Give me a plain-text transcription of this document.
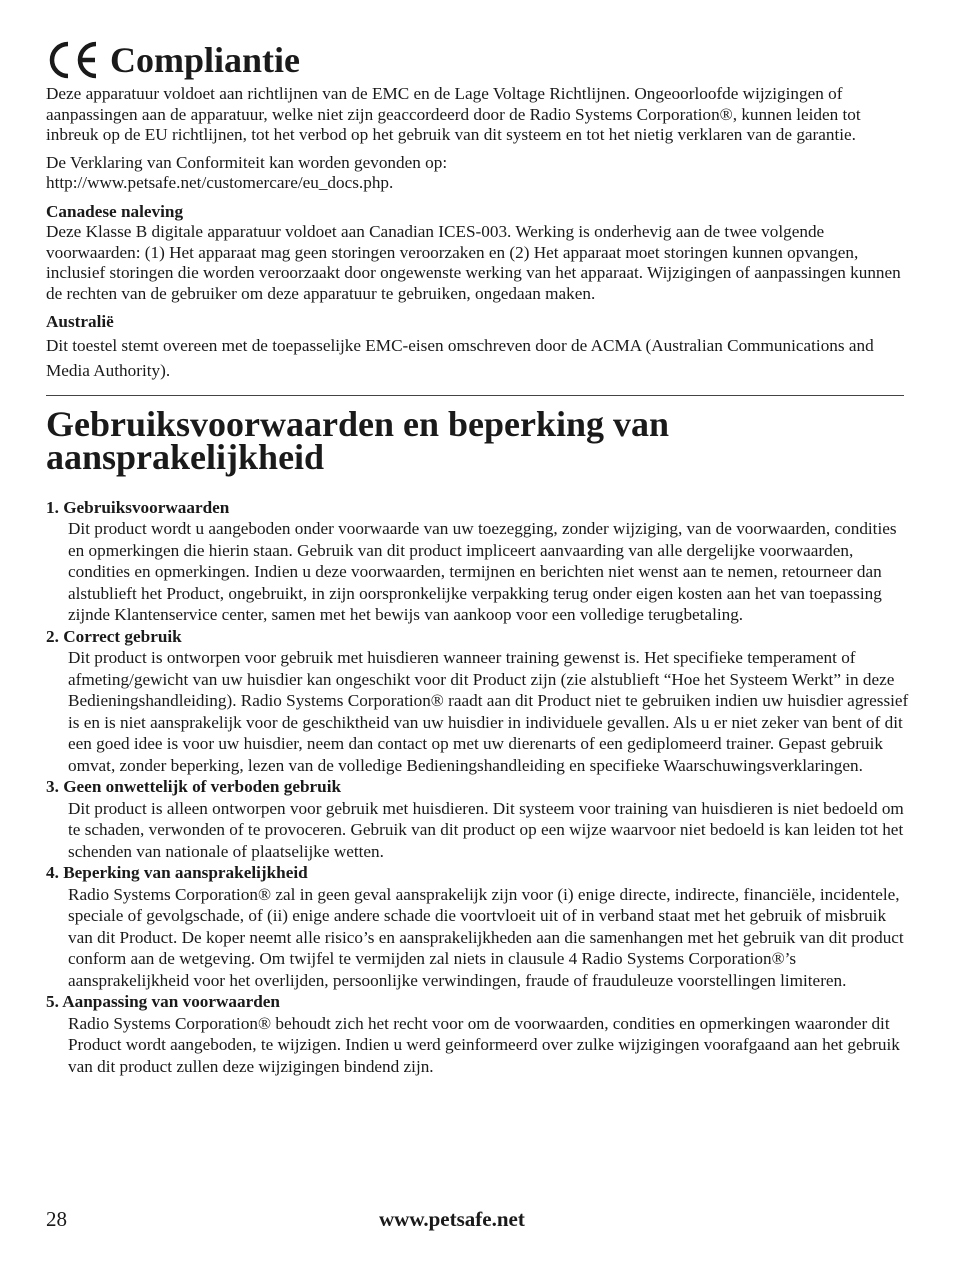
Compliantie

Deze apparatuur voldoet aan richtlijnen van de EMC en de Lage Voltage Richtlijnen. Ongeoorloofde wijzigingen of aanpassingen aan de apparatuur, welke niet zijn geaccordeerd door de Radio Systems Corporation®, kunnen leiden tot inbreuk op de EU richtlijnen, tot het verbod op het gebruik van dit systeem en tot het nietig verklaren van de garantie.

De Verklaring van Conformiteit kan worden gevonden op:

http://www.petsafe.net/customercare/eu_docs.php.

Canadese naleving

Deze Klasse B digitale apparatuur voldoet aan Canadian ICES-003. Werking is onderhevig aan de twee volgende voorwaarden: (1) Het apparaat mag geen storingen veroorzaken en (2) Het apparaat moet storingen kunnen opvangen, inclusief storingen die worden veroorzaakt door ongewenste werking van het apparaat. Wijzigingen of aanpassingen kunnen de rechten van de gebruiker om deze apparatuur te gebruiken, ongedaan maken.

Australië

Dit toestel stemt overeen met de toepasselijke EMC-eisen omschreven door de ACMA (Australian Communications and Media Authority).

Gebruiksvoorwaarden en beperking van
aansprakelijkheid
1. Gebruiksvoorwaarden

Dit product wordt u aangeboden onder voorwaarde van uw toezegging, zonder wijziging, van de voorwaarden, condities en opmerkingen die hierin staan. Gebruik van dit product impliceert aanvaarding van alle dergelijke voorwaarden, condities en opmerkingen. Indien u deze voorwaarden, termijnen en berichten niet wenst aan te nemen, retourneer dan alstublieft het Product, ongebruikt, in zijn oorspronkelijke verpakking terug onder eigen kosten aan het van toepassing zijnde Klantenservice center, samen met het bewijs van aankoop voor een volledige terugbetaling.

2. Correct gebruik

Dit product is ontworpen voor gebruik met huisdieren wanneer training gewenst is. Het specifieke temperament of afmeting/gewicht van uw huisdier kan ongeschikt voor dit Product zijn (zie alstublieft “Hoe het Systeem Werkt” in deze Bedieningshandleiding). Radio Systems Corporation® raadt aan dit Product niet te gebruiken indien uw huisdier agressief is en is niet aansprakelijk voor de geschiktheid van uw huisdier in individuele gevallen. Als u er niet zeker van bent of dit een goed idee is voor uw huisdier, neem dan contact op met uw dierenarts of een gediplomeerd trainer. Gepast gebruik omvat, zonder beperking, lezen van de volledige Bedieningshandleiding en specifieke Waarschuwingsverklaringen.

3. Geen onwettelijk of verboden gebruik

Dit product is alleen ontworpen voor gebruik met huisdieren. Dit systeem voor training van huisdieren is niet bedoeld om te schaden, verwonden of te provoceren. Gebruik van dit product op een wijze waarvoor niet bedoeld is kan leiden tot het schenden van nationale of plaatselijke wetten.

4. Beperking van aansprakelijkheid

Radio Systems Corporation® zal in geen geval aansprakelijk zijn voor (i) enige directe, indirecte, financiële, incidentele, speciale of gevolgschade, of (ii) enige andere schade die voortvloeit uit of in verband staat met het gebruik of misbruik van dit Product. De koper neemt alle risico’s en aansprakelijkheden aan die samenhangen met het gebruik van dit product conform aan de wetgeving. Om twijfel te vermijden zal niets in clausule 4 Radio Systems Corporation®’s aansprakelijkheid voor het overlijden, persoonlijke verwindingen, fraude of frauduleuze voorstellingen limiteren.

5. Aanpassing van voorwaarden

Radio Systems Corporation® behoudt zich het recht voor om de voorwaarden, condities en opmerkingen waaronder dit Product wordt aangeboden, te wijzigen. Indien u werd geinformeerd over zulke wijzigingen voorafgaand aan het gebruik van dit product zullen deze wijzigingen bindend zijn.

28	www.petsafe.net
